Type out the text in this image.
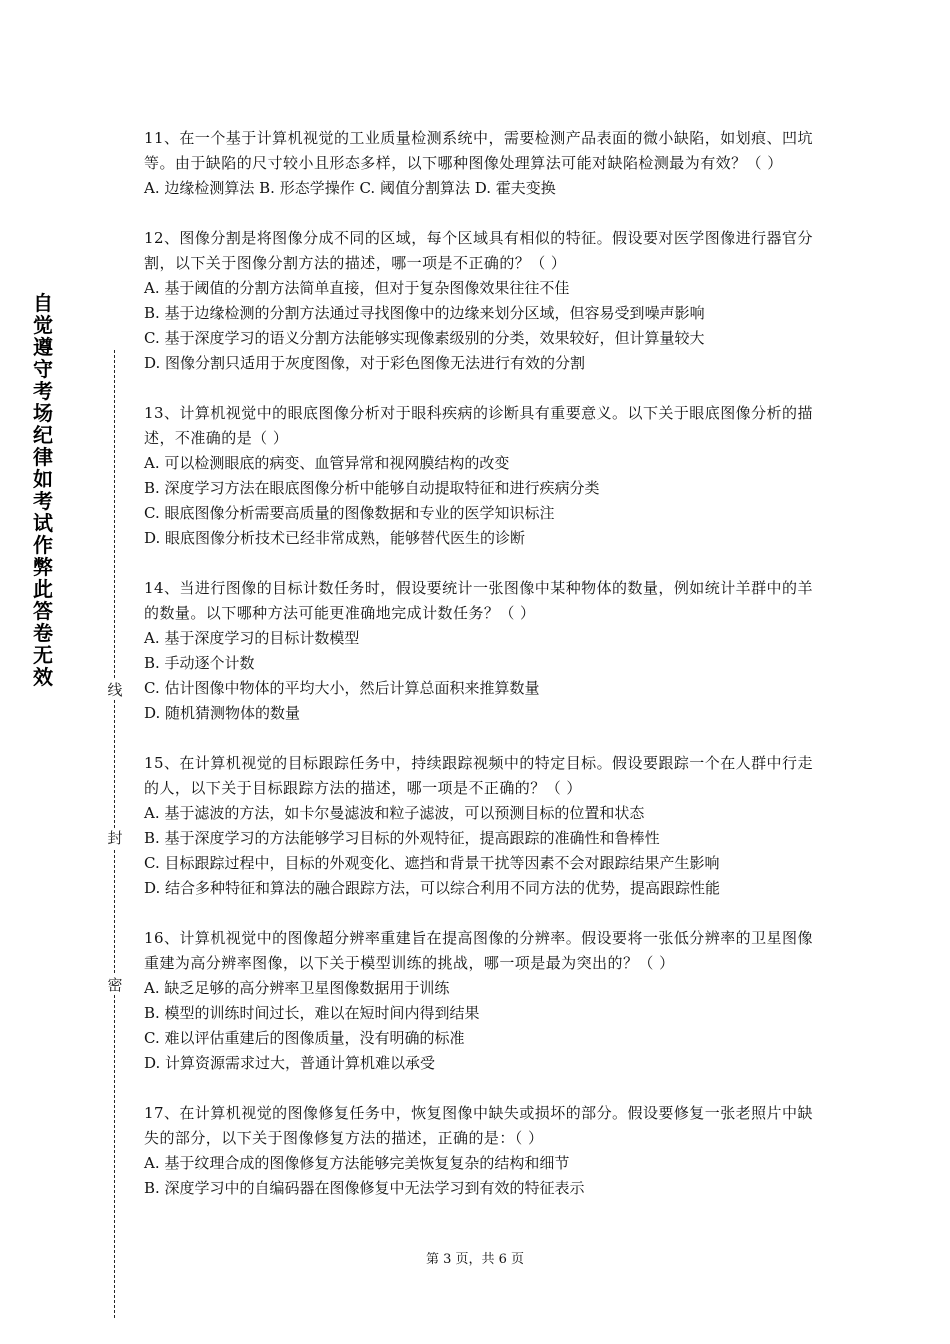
自觉遵守考场纪律如考试作弊此答卷无效
线
封
密

11、在一个基于计算机视觉的工业质量检测系统中，需要检测产品表面的微小缺陷，如划痕、凹坑等。由于缺陷的尺寸较小且形态多样，以下哪种图像处理算法可能对缺陷检测最为有效？（ ）

A. 边缘检测算法 B. 形态学操作 C. 阈值分割算法 D. 霍夫变换

12、图像分割是将图像分成不同的区域，每个区域具有相似的特征。假设要对医学图像进行器官分割，以下关于图像分割方法的描述，哪一项是不正确的？（ ）

A. 基于阈值的分割方法简单直接，但对于复杂图像效果往往不佳
B. 基于边缘检测的分割方法通过寻找图像中的边缘来划分区域，但容易受到噪声影响
C. 基于深度学习的语义分割方法能够实现像素级别的分类，效果较好，但计算量较大
D. 图像分割只适用于灰度图像，对于彩色图像无法进行有效的分割

13、计算机视觉中的眼底图像分析对于眼科疾病的诊断具有重要意义。以下关于眼底图像分析的描述，不准确的是（ ）

A. 可以检测眼底的病变、血管异常和视网膜结构的改变
B. 深度学习方法在眼底图像分析中能够自动提取特征和进行疾病分类
C. 眼底图像分析需要高质量的图像数据和专业的医学知识标注
D. 眼底图像分析技术已经非常成熟，能够替代医生的诊断

14、当进行图像的目标计数任务时，假设要统计一张图像中某种物体的数量，例如统计羊群中的羊的数量。以下哪种方法可能更准确地完成计数任务？（ ）

A. 基于深度学习的目标计数模型
B. 手动逐个计数
C. 估计图像中物体的平均大小，然后计算总面积来推算数量
D. 随机猜测物体的数量

15、在计算机视觉的目标跟踪任务中，持续跟踪视频中的特定目标。假设要跟踪一个在人群中行走的人，以下关于目标跟踪方法的描述，哪一项是不正确的？（ ）

A. 基于滤波的方法，如卡尔曼滤波和粒子滤波，可以预测目标的位置和状态
B. 基于深度学习的方法能够学习目标的外观特征，提高跟踪的准确性和鲁棒性
C. 目标跟踪过程中，目标的外观变化、遮挡和背景干扰等因素不会对跟踪结果产生影响
D. 结合多种特征和算法的融合跟踪方法，可以综合利用不同方法的优势，提高跟踪性能

16、计算机视觉中的图像超分辨率重建旨在提高图像的分辨率。假设要将一张低分辨率的卫星图像重建为高分辨率图像，以下关于模型训练的挑战，哪一项是最为突出的？（ ）

A. 缺乏足够的高分辨率卫星图像数据用于训练
B. 模型的训练时间过长，难以在短时间内得到结果
C. 难以评估重建后的图像质量，没有明确的标准
D. 计算资源需求过大，普通计算机难以承受

17、在计算机视觉的图像修复任务中，恢复图像中缺失或损坏的部分。假设要修复一张老照片中缺失的部分，以下关于图像修复方法的描述，正确的是：（ ）

A. 基于纹理合成的图像修复方法能够完美恢复复杂的结构和细节
B. 深度学习中的自编码器在图像修复中无法学习到有效的特征表示
第 3 页，共 6 页
